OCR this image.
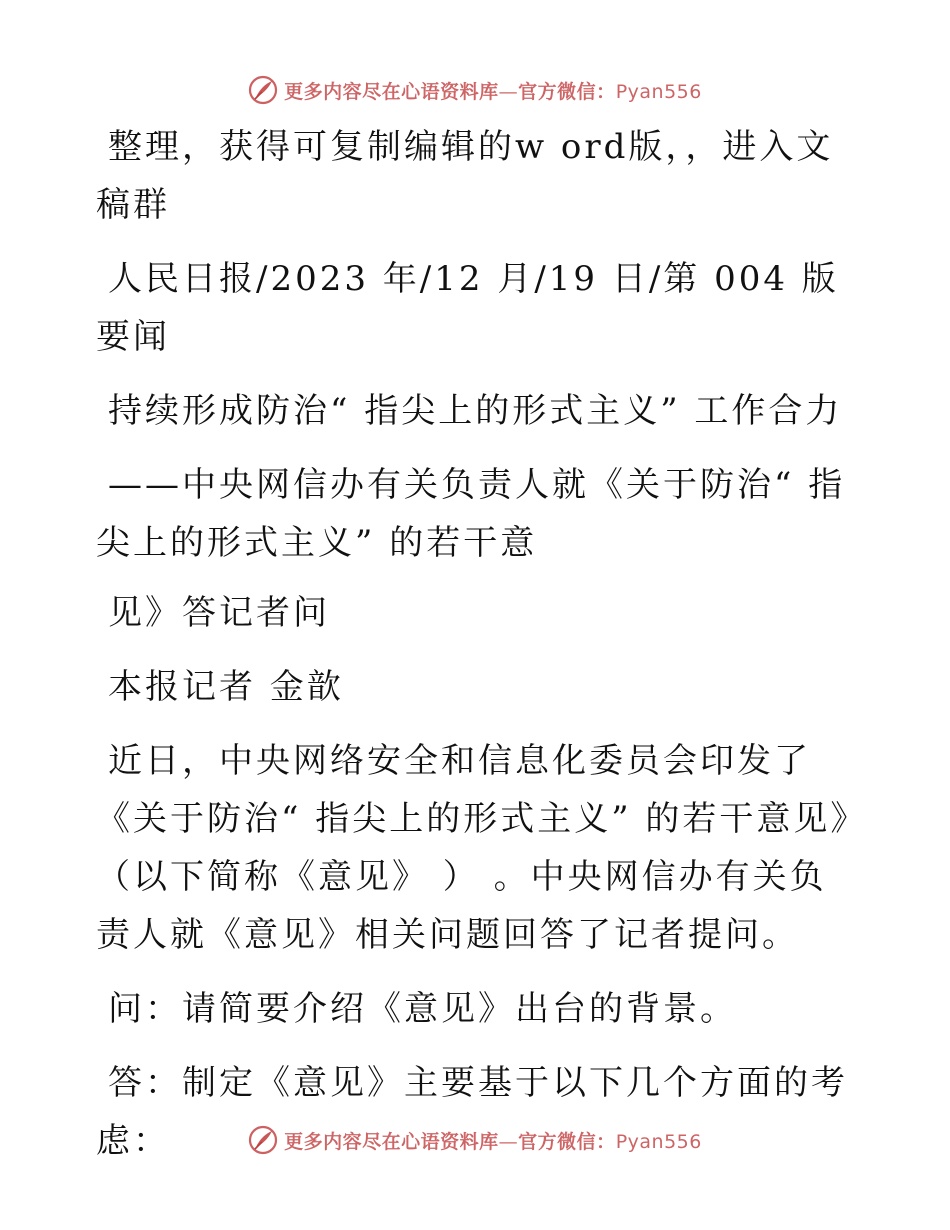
更多内容尽在心语资料库—官方微信：Pyan556

整理，获得可复制编辑的w ord版，，进入文稿群

人民日报/2023 年/12 月/19 日/第 004 版要闻

持续形成防治“ 指尖上的形式主义” 工作合力

——中央网信办有关负责人就《关于防治“ 指尖上的形式主义” 的若干意

见》答记者问

本报记者 金歆

近日，中央网络安全和信息化委员会印发了《关于防治“ 指尖上的形式主义” 的若干意见》（以下简称《意见》 ） 。中央网信办有关负责人就《意见》相关问题回答了记者提问。

问：请简要介绍《意见》出台的背景。

答：制定《意见》主要基于以下几个方面的考虑：	更多内容尽在心语资料库—官方微信：Pyan556
